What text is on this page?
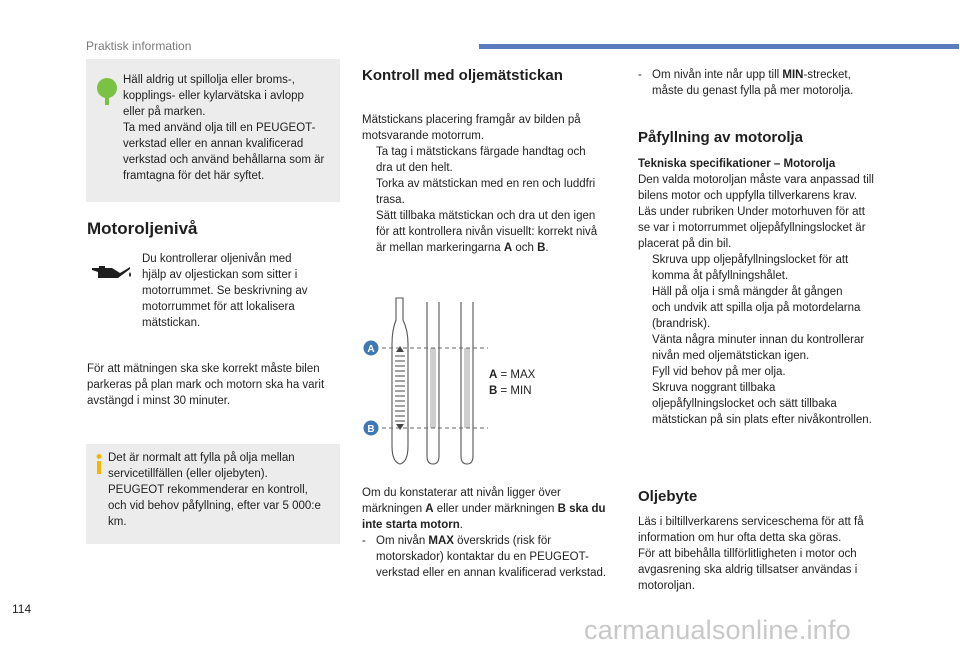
Praktisk information

Häll aldrig ut spillolja eller broms-,

kopplings- eller kylarvätska i avlopp

eller på marken.

Ta med använd olja till en PEUGEOT-

verkstad eller en annan kvalificerad

verkstad och använd behållarna som är

framtagna för det här syftet.

Motoroljenivå

Du kontrollerar oljenivån med

hjälp av oljestickan som sitter i

motorrummet. Se beskrivning av

motorrummet för att lokalisera

mätstickan.

För att mätningen ska ske korrekt måste bilen

parkeras på plan mark och motorn ska ha varit

avstängd i minst 30 minuter.

Det är normalt att fylla på olja mellan

servicetillfällen (eller oljebyten).

PEUGEOT rekommenderar en kontroll,

och vid behov påfyllning, efter var 5 000:e

km.

Kontroll med oljemätstickan

Mätstickans placering framgår av bilden på

motsvarande motorrum.

Ta tag i mätstickans färgade handtag och

dra ut den helt.

Torka av mätstickan med en ren och luddfri

trasa.

Sätt tillbaka mätstickan och dra ut den igen

för att kontrollera nivån visuellt: korrekt nivå

är mellan markeringarna A och B.

A
B
A = MAX
B = MIN

Om du konstaterar att nivån ligger över

märkningen A eller under märkningen B ska du

inte starta motorn.

- Om nivån MAX överskrids (risk för

motorskador) kontaktar du en PEUGEOT-

verkstad eller en annan kvalificerad verkstad.

- Om nivån inte når upp till MIN-strecket,

måste du genast fylla på mer motorolja.

Påfyllning av motorolja

Tekniska specifikationer – Motorolja

Den valda motoroljan måste vara anpassad till

bilens motor och uppfylla tillverkarens krav.

Läs under rubriken Under motorhuven för att

se var i motorrummet oljepåfyllningslocket är

placerat på din bil.

Skruva upp oljepåfyllningslocket för att

komma åt påfyllningshålet.

Häll på olja i små mängder åt gången

och undvik att spilla olja på motordelarna

(brandrisk).

Vänta några minuter innan du kontrollerar

nivån med oljemätstickan igen.

Fyll vid behov på mer olja.

Skruva noggrant tillbaka

oljepåfyllningslocket och sätt tillbaka

mätstickan på sin plats efter nivåkontrollen.

Oljebyte

Läs i biltillverkarens serviceschema för att få

information om hur ofta detta ska göras.

För att bibehålla tillförlitligheten i motor och

avgasrening ska aldrig tillsatser användas i

motoroljan.

114
carmanualsonline.info
